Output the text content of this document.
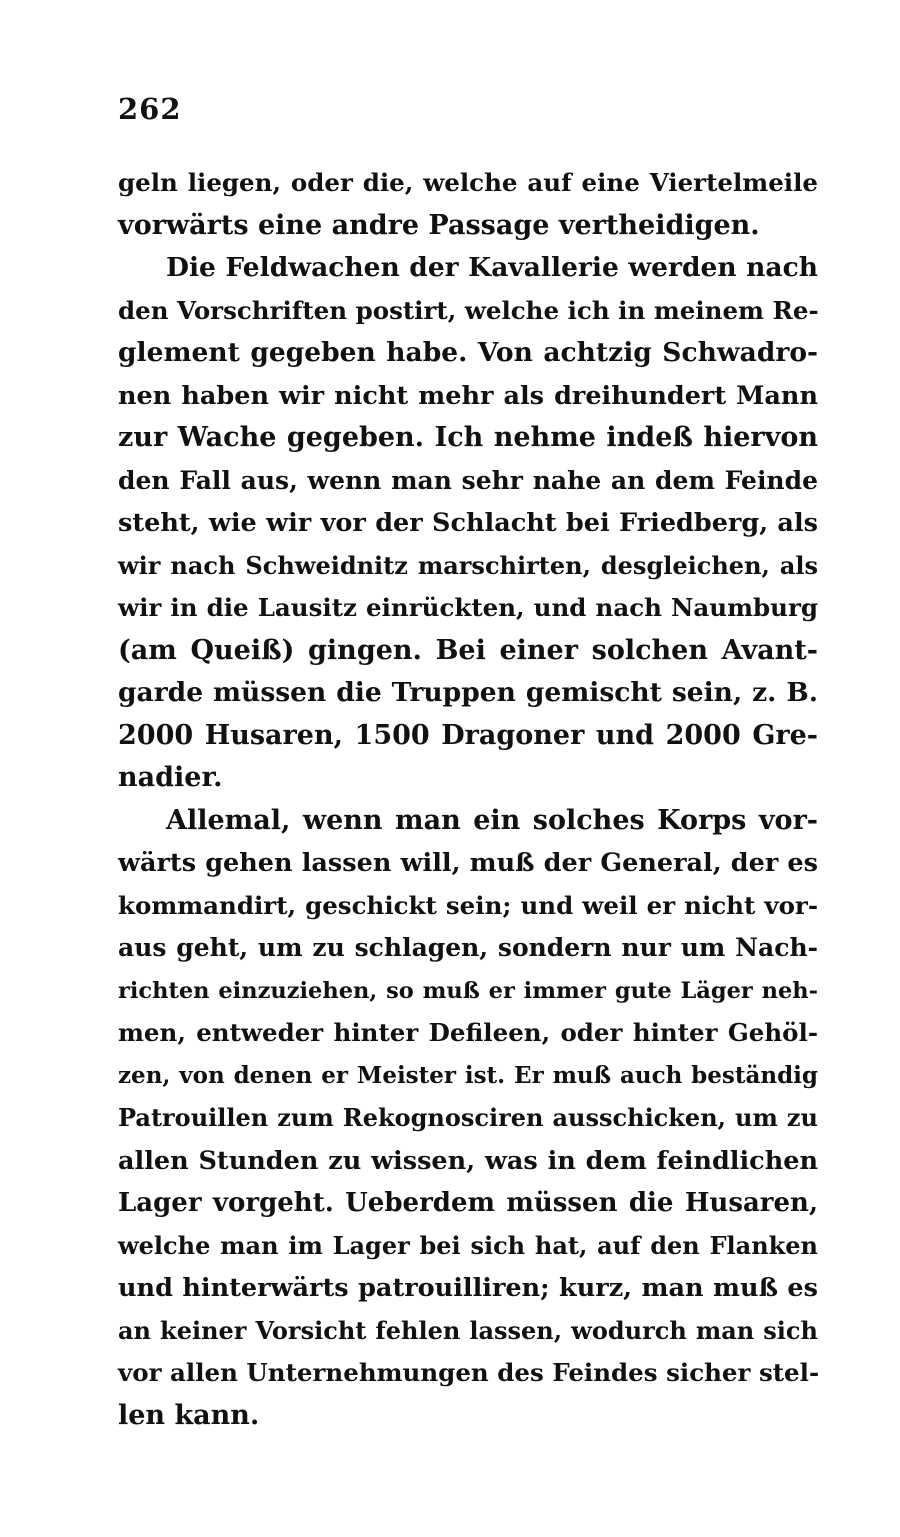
262
geln liegen, oder die, welche auf eine Viertelmeile
vorwärts eine andre Passage vertheidigen.
Die Feldwachen der Kavallerie werden nach
den Vorschriften postirt, welche ich in meinem Re-
glement gegeben habe. Von achtzig Schwadro-
nen haben wir nicht mehr als dreihundert Mann
zur Wache gegeben. Ich nehme indeß hiervon
den Fall aus, wenn man sehr nahe an dem Feinde
steht, wie wir vor der Schlacht bei Friedberg, als
wir nach Schweidnitz marschirten, desgleichen, als
wir in die Lausitz einrückten, und nach Naumburg
(am Queiß) gingen. Bei einer solchen Avant-
garde müssen die Truppen gemischt sein, z. B.
2000 Husaren, 1500 Dragoner und 2000 Gre-
nadier.
Allemal, wenn man ein solches Korps vor-
wärts gehen lassen will, muß der General, der es
kommandirt, geschickt sein; und weil er nicht vor-
aus geht, um zu schlagen, sondern nur um Nach-
richten einzuziehen, so muß er immer gute Läger neh-
men, entweder hinter Defileen, oder hinter Gehöl-
zen, von denen er Meister ist. Er muß auch beständig
Patrouillen zum Rekognosciren ausschicken, um zu
allen Stunden zu wissen, was in dem feindlichen
Lager vorgeht. Ueberdem müssen die Husaren,
welche man im Lager bei sich hat, auf den Flanken
und hinterwärts patrouilliren; kurz, man muß es
an keiner Vorsicht fehlen lassen, wodurch man sich
vor allen Unternehmungen des Feindes sicher stel-
len kann.
